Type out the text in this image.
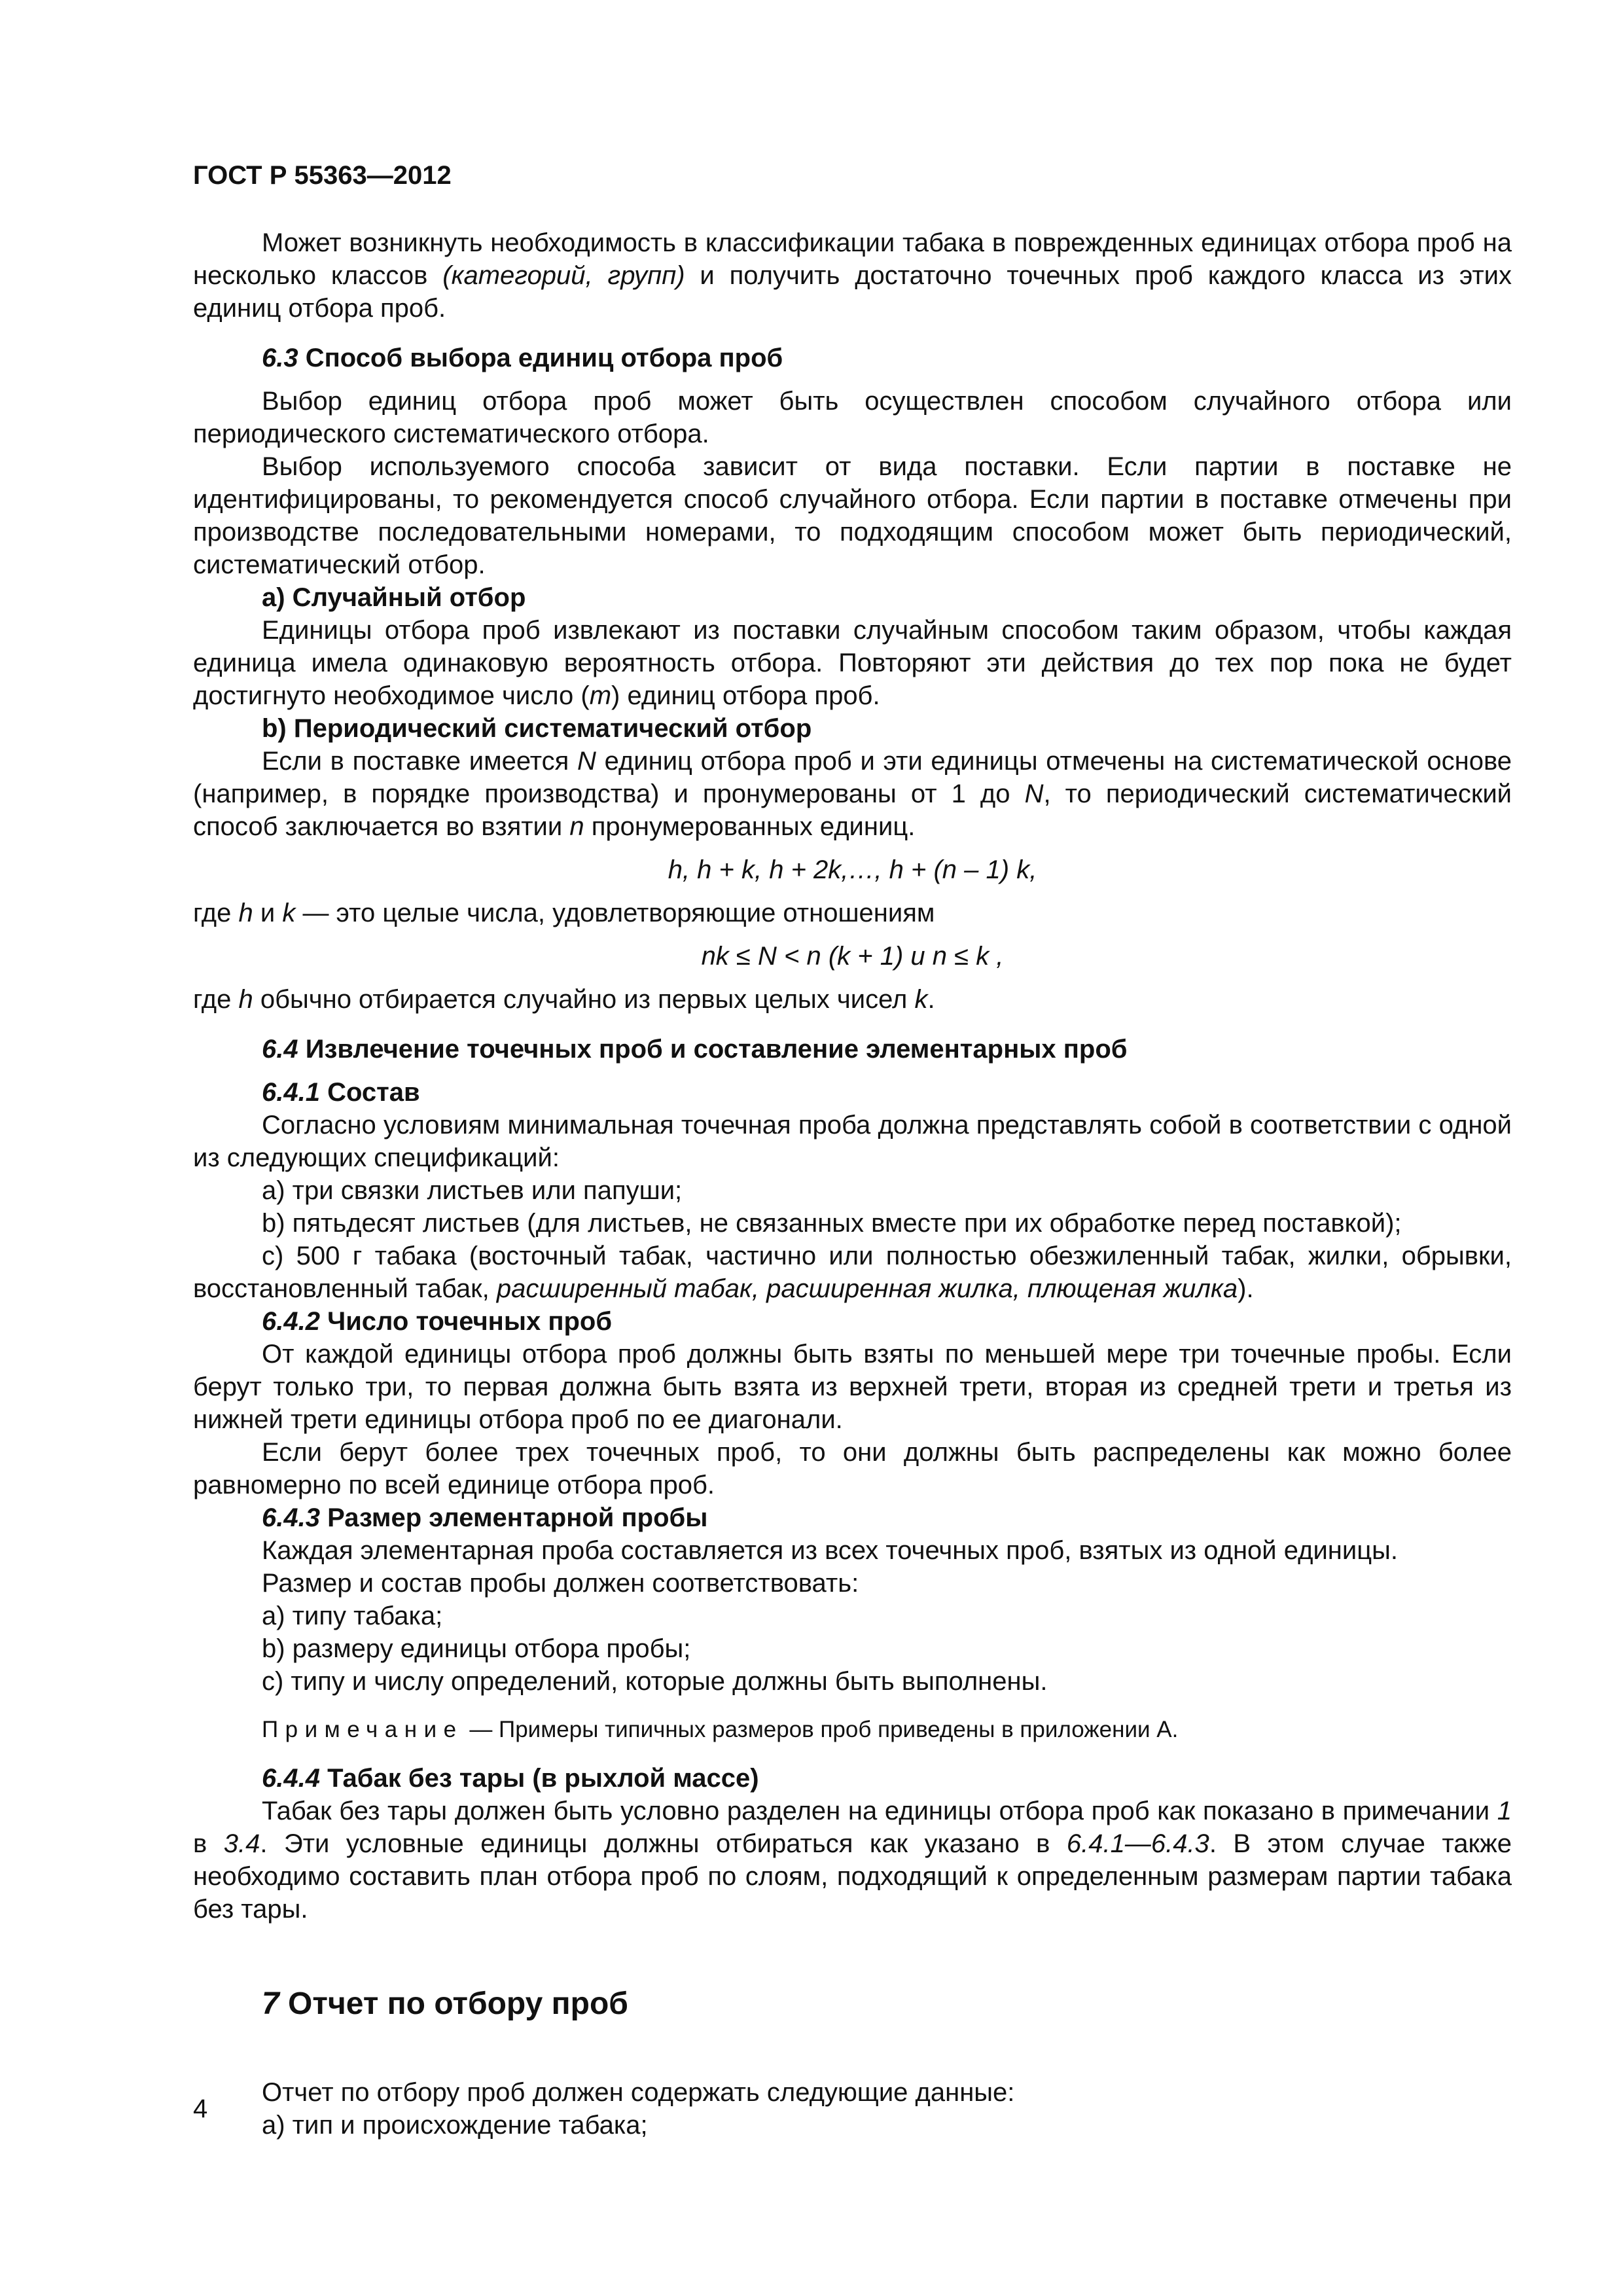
ГОСТ Р 55363—2012

Может возникнуть необходимость в классификации табака в поврежденных единицах отбора проб на несколько классов (категорий, групп) и получить достаточно точечных проб каждого класса из этих единиц отбора проб.

6.3 Способ выбора единиц отбора проб

Выбор единиц отбора проб может быть осуществлен способом случайного отбора или периодического систематического отбора.

Выбор используемого способа зависит от вида поставки. Если партии в поставке не идентифицированы, то рекомендуется способ случайного отбора. Если партии в поставке отмечены при производстве последовательными номерами, то подходящим способом может быть периодический, систематический отбор.

a) Случайный отбор

Единицы отбора проб извлекают из поставки случайным способом таким образом, чтобы каждая единица имела одинаковую вероятность отбора. Повторяют эти действия до тех пор пока не будет достигнуто необходимое число (m) единиц отбора проб.

b) Периодический систематический отбор

Если в поставке имеется N единиц отбора проб и эти единицы отмечены на систематической основе (например, в порядке производства) и пронумерованы от 1 до N, то периодический систематический способ заключается во взятии n пронумерованных единиц.

h, h + k, h + 2k,…, h + (n – 1) k,

где h и k — это целые числа, удовлетворяющие отношениям

nk ≤ N < n (k + 1) и n ≤ k ,

где h обычно отбирается случайно из первых целых чисел k.

6.4 Извлечение точечных проб и составление элементарных проб

6.4.1 Состав

Согласно условиям минимальная точечная проба должна представлять собой в соответствии с одной из следующих спецификаций:

a) три связки листьев или папуши;

b) пятьдесят листьев (для листьев, не связанных вместе при их обработке перед поставкой);

c) 500 г табака (восточный табак, частично или полностью обезжиленный табак, жилки, обрывки, восстановленный табак, расширенный табак, расширенная жилка, плющеная жилка).

6.4.2 Число точечных проб

От каждой единицы отбора проб должны быть взяты по меньшей мере три точечные пробы. Если берут только три, то первая должна быть взята из верхней трети, вторая из средней трети и третья из нижней трети единицы отбора проб по ее диагонали.

Если берут более трех точечных проб, то они должны быть распределены как можно более равномерно по всей единице отбора проб.

6.4.3 Размер элементарной пробы

Каждая элементарная проба составляется из всех точечных проб, взятых из одной единицы.

Размер и состав пробы должен соответствовать:

a) типу табака;

b) размеру единицы отбора пробы;

c) типу и числу определений, которые должны быть выполнены.

Примечание — Примеры типичных размеров проб приведены в приложении А.

6.4.4 Табак без тары (в рыхлой массе)

Табак без тары должен быть условно разделен на единицы отбора проб как показано в примечании 1 в 3.4. Эти условные единицы должны отбираться как указано в 6.4.1—6.4.3. В этом случае также необходимо составить план отбора проб по слоям, подходящий к определенным размерам партии табака без тары.

7 Отчет по отбору проб

Отчет по отбору проб должен содержать следующие данные:

a) тип и происхождение табака;

4
